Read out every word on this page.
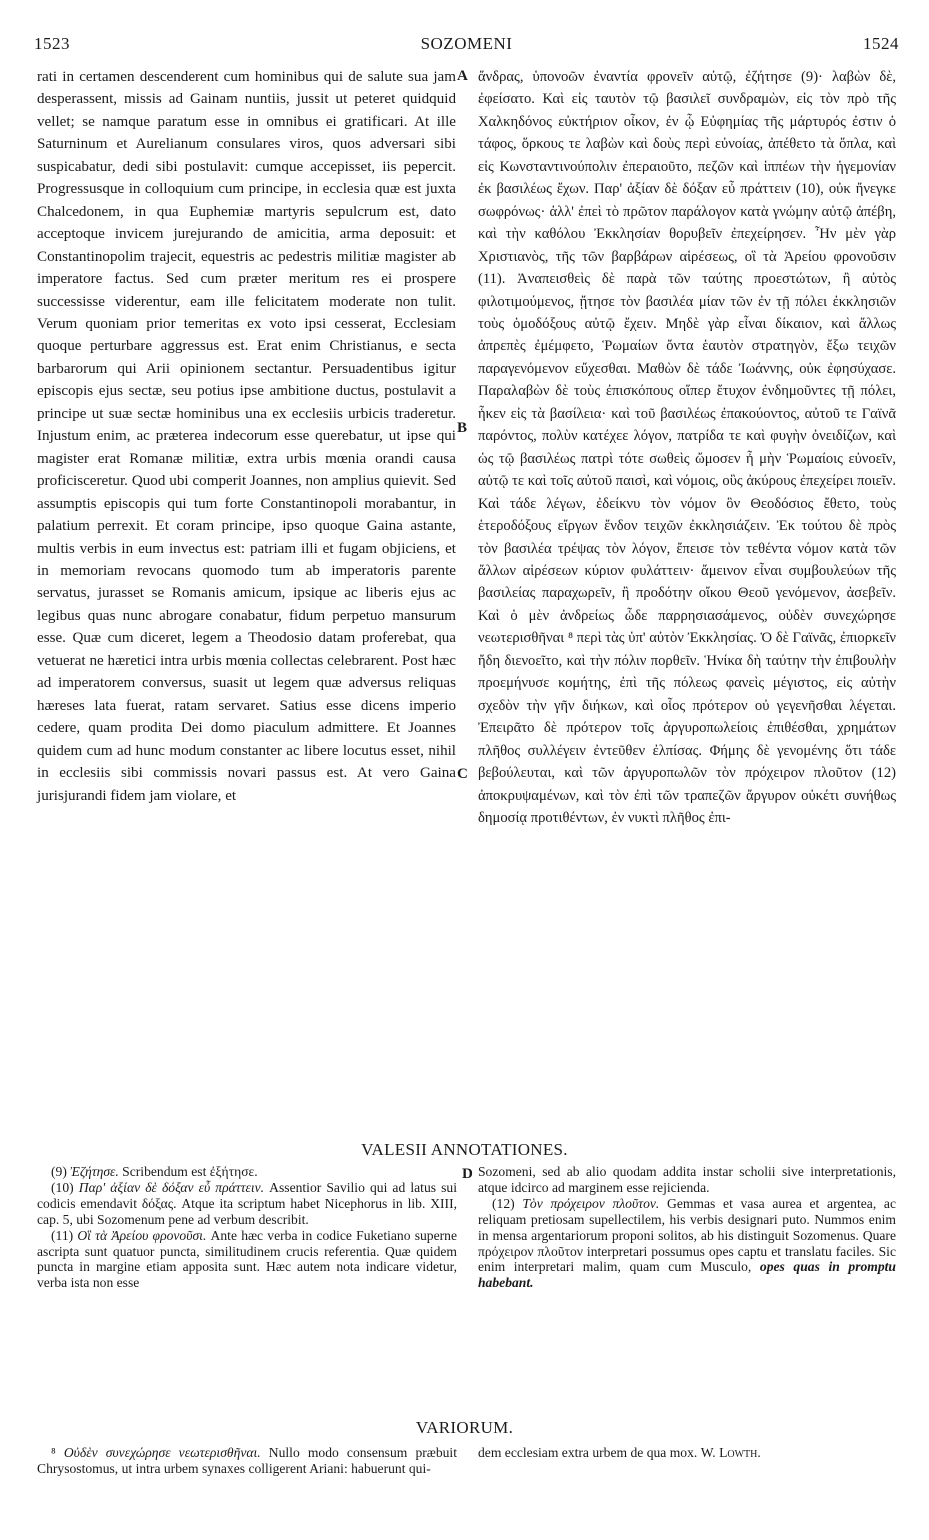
1523	SOZOMENI	1524

rati in certamen descenderent cum hominibus qui de salute sua jam desperassent, missis ad Gainam nuntiis, jussit ut peteret quidquid vellet; se namque paratum esse in omnibus ei gratificari. At ille Saturninum et Aurelianum consulares viros, quos adversari sibi suspicabatur, dedi sibi postulavit: cumque accepisset, iis pepercit. Progressusque in colloquium cum principe, in ecclesia quæ est juxta Chalcedonem, in qua Euphemiæ martyris sepulcrum est, dato acceptoque invicem jurejurando de amicitia, arma deposuit: et Constantinopolim trajecit, equestris ac pedestris militiæ magister ab imperatore factus. Sed cum præter meritum res ei prospere successisse viderentur, eam ille felicitatem moderate non tulit. Verum quoniam prior temeritas ex voto ipsi cesserat, Ecclesiam quoque perturbare aggressus est. Erat enim Christianus, e secta barbarorum qui Arii opinionem sectantur. Persuadentibus igitur episcopis ejus sectæ, seu potius ipse ambitione ductus, postulavit a principe ut suæ sectæ hominibus una ex ecclesiis urbicis traderetur. Injustum enim, ac præterea indecorum esse querebatur, ut ipse qui magister erat Romanæ militiæ, extra urbis mœnia orandi causa proficisceretur. Quod ubi comperit Joannes, non amplius quievit. Sed assumptis episcopis qui tum forte Constantinopoli morabantur, in palatium perrexit. Et coram principe, ipso quoque Gaina astante, multis verbis in eum invectus est: patriam illi et fugam objiciens, et in memoriam revocans quomodo tum ab imperatoris parente servatus, jurasset se Romanis amicum, ipsique ac liberis ejus ac legibus quas nunc abrogare conabatur, fidum perpetuo mansurum esse. Quæ cum diceret, legem a Theodosio datam proferebat, qua vetuerat ne hæretici intra urbis mœnia collectas celebrarent. Post hæc ad imperatorem conversus, suasit ut legem quæ adversus reliquas hæreses lata fuerat, ratam servaret. Satius esse dicens imperio cedere, quam prodita Dei domo piaculum admittere. Et Joannes quidem cum ad hunc modum constanter ac libere locutus esset, nihil in ecclesiis sibi commissis novari passus est. At vero Gaina jurisjurandi fidem jam violare, et

A
B
C
D

ἄνδρας, ὑπονοῶν ἐναντία φρονεῖν αὐτῷ, ἐζήτησε (9)· λαβὼν δὲ, ἐφείσατο. Καὶ εἰς ταυτὸν τῷ βασιλεῖ συνδραμὼν, εἰς τὸν πρὸ τῆς Χαλκηδόνος εὐκτήριον οἶκον, ἐν ᾧ Εὐφημίας τῆς μάρτυρός ἐστιν ὁ τάφος, ὅρκους τε λαβὼν καὶ δοὺς περὶ εὐνοίας, ἀπέθετο τὰ ὅπλα, καὶ εἰς Κωνσταντινούπολιν ἐπεραιοῦτο, πεζῶν καὶ ἱππέων τὴν ἡγεμονίαν ἐκ βασιλέως ἔχων. Παρ' ἀξίαν δὲ δόξαν εὖ πράττειν (10), οὐκ ἤνεγκε σωφρόνως· ἀλλ' ἐπεὶ τὸ πρῶτον παράλογον κατὰ γνώμην αὐτῷ ἀπέβη, καὶ τὴν καθόλου Ἐκκλησίαν θορυβεῖν ἐπεχείρησεν. Ἦν μὲν γὰρ Χριστιανὸς, τῆς τῶν βαρβάρων αἱρέσεως, οἳ τὰ Ἀρείου φρονοῦσιν (11). Ἀναπεισθεὶς δὲ παρὰ τῶν ταύτης προεστώτων, ἢ αὐτὸς φιλοτιμούμενος, ᾔτησε τὸν βασιλέα μίαν τῶν ἐν τῇ πόλει ἐκκλησιῶν τοὺς ὁμοδόξους αὐτῷ ἔχειν. Μηδὲ γὰρ εἶναι δίκαιον, καὶ ἄλλως ἀπρεπὲς ἐμέμφετο, Ῥωμαίων ὄντα ἑαυτὸν στρατηγὸν, ἔξω τειχῶν παραγενόμενον εὔχεσθαι. Μαθὼν δὲ τάδε Ἰωάννης, οὐκ ἐφησύχασε. Παραλαβὼν δὲ τοὺς ἐπισκόπους οἵπερ ἔτυχον ἐνδημοῦντες τῇ πόλει, ἧκεν εἰς τὰ βασίλεια· καὶ τοῦ βασιλέως ἐπακούοντος, αὐτοῦ τε Γαϊνᾶ παρόντος, πολὺν κατέχεε λόγον, πατρίδα τε καὶ φυγὴν ὀνειδίζων, καὶ ὡς τῷ βασιλέως πατρὶ τότε σωθεὶς ὤμοσεν ἦ μὴν Ῥωμαίοις εὐνοεῖν, αὐτῷ τε καὶ τοῖς αὐτοῦ παισὶ, καὶ νόμοις, οὓς ἀκύρους ἐπεχείρει ποιεῖν. Καὶ τάδε λέγων, ἐδείκνυ τὸν νόμον ὃν Θεοδόσιος ἔθετο, τοὺς ἑτεροδόξους εἴργων ἔνδον τειχῶν ἐκκλησιάζειν. Ἐκ τούτου δὲ πρὸς τὸν βασιλέα τρέψας τὸν λόγον, ἔπεισε τὸν τεθέντα νόμον κατὰ τῶν ἄλλων αἱρέσεων κύριον φυλάττειν· ἄμεινον εἶναι συμβουλεύων τῆς βασιλείας παραχωρεῖν, ἢ προδότην οἴκου Θεοῦ γενόμενον, ἀσεβεῖν. Καὶ ὁ μὲν ἀνδρείως ὧδε παρρησιασάμενος, οὐδὲν συνεχώρησε νεωτερισθῆναι ⁸ περὶ τὰς ὑπ' αὐτὸν Ἐκκλησίας. Ὁ δὲ Γαϊνᾶς, ἐπιορκεῖν ἤδη διενοεῖτο, καὶ τὴν πόλιν πορθεῖν. Ἡνίκα δὴ ταύτην τὴν ἐπιβουλὴν προεμήνυσε κομήτης, ἐπὶ τῆς πόλεως φανεὶς μέγιστος, εἰς αὐτὴν σχεδὸν τὴν γῆν διήκων, καὶ οἷος πρότερον οὐ γεγενῆσθαι λέγεται. Ἐπειρᾶτο δὲ πρότερον τοῖς ἀργυροπωλείοις ἐπιθέσθαι, χρημάτων πλῆθος συλλέγειν ἐντεῦθεν ἐλπίσας. Φήμης δὲ γενομένης ὅτι τάδε βεβούλευται, καὶ τῶν ἀργυροπωλῶν τὸν πρόχειρον πλοῦτον (12) ἀποκρυψαμένων, καὶ τὸν ἐπὶ τῶν τραπεζῶν ἄργυρον οὐκέτι συνήθως δημοσίᾳ προτιθέντων, ἐν νυκτὶ πλῆθος ἐπι-

VALESII ANNOTATIONES.

(9) Ἐζήτησε. Scribendum est ἐξήτησε.

(10) Παρ' ἀξίαν δὲ δόξαν εὖ πράττειν. Assentior Savilio qui ad latus sui codicis emendavit δόξας. Atque ita scriptum habet Nicephorus in lib. XIII, cap. 5, ubi Sozomenum pene ad verbum describit.

(11) Οἳ τὰ Ἀρείου φρονοῦσι. Ante hæc verba in codice Fuketiano superne ascripta sunt quatuor puncta, similitudinem crucis referentia. Quæ quidem puncta in margine etiam apposita sunt. Hæc autem nota indicare videtur, verba ista non esse

Sozomeni, sed ab alio quodam addita instar scholii sive interpretationis, atque idcirco ad marginem esse rejicienda.

(12) Τὸν πρόχειρον πλοῦτον. Gemmas et vasa aurea et argentea, ac reliquam pretiosam supellectilem, his verbis designari puto. Nummos enim in mensa argentariorum proponi solitos, ab his distinguit Sozomenus. Quare πρόχειρον πλοῦτον interpretari possumus opes captu et translatu faciles. Sic enim interpretari malim, quam cum Musculo, opes quas in promptu habebant.

VARIORUM.

⁸ Οὐδὲν συνεχώρησε νεωτερισθῆναι. Nullo modo consensum præbuit Chrysostomus, ut intra urbem synaxes colligerent Ariani: habuerunt qui-

dem ecclesiam extra urbem de qua mox. W. Lowth.
